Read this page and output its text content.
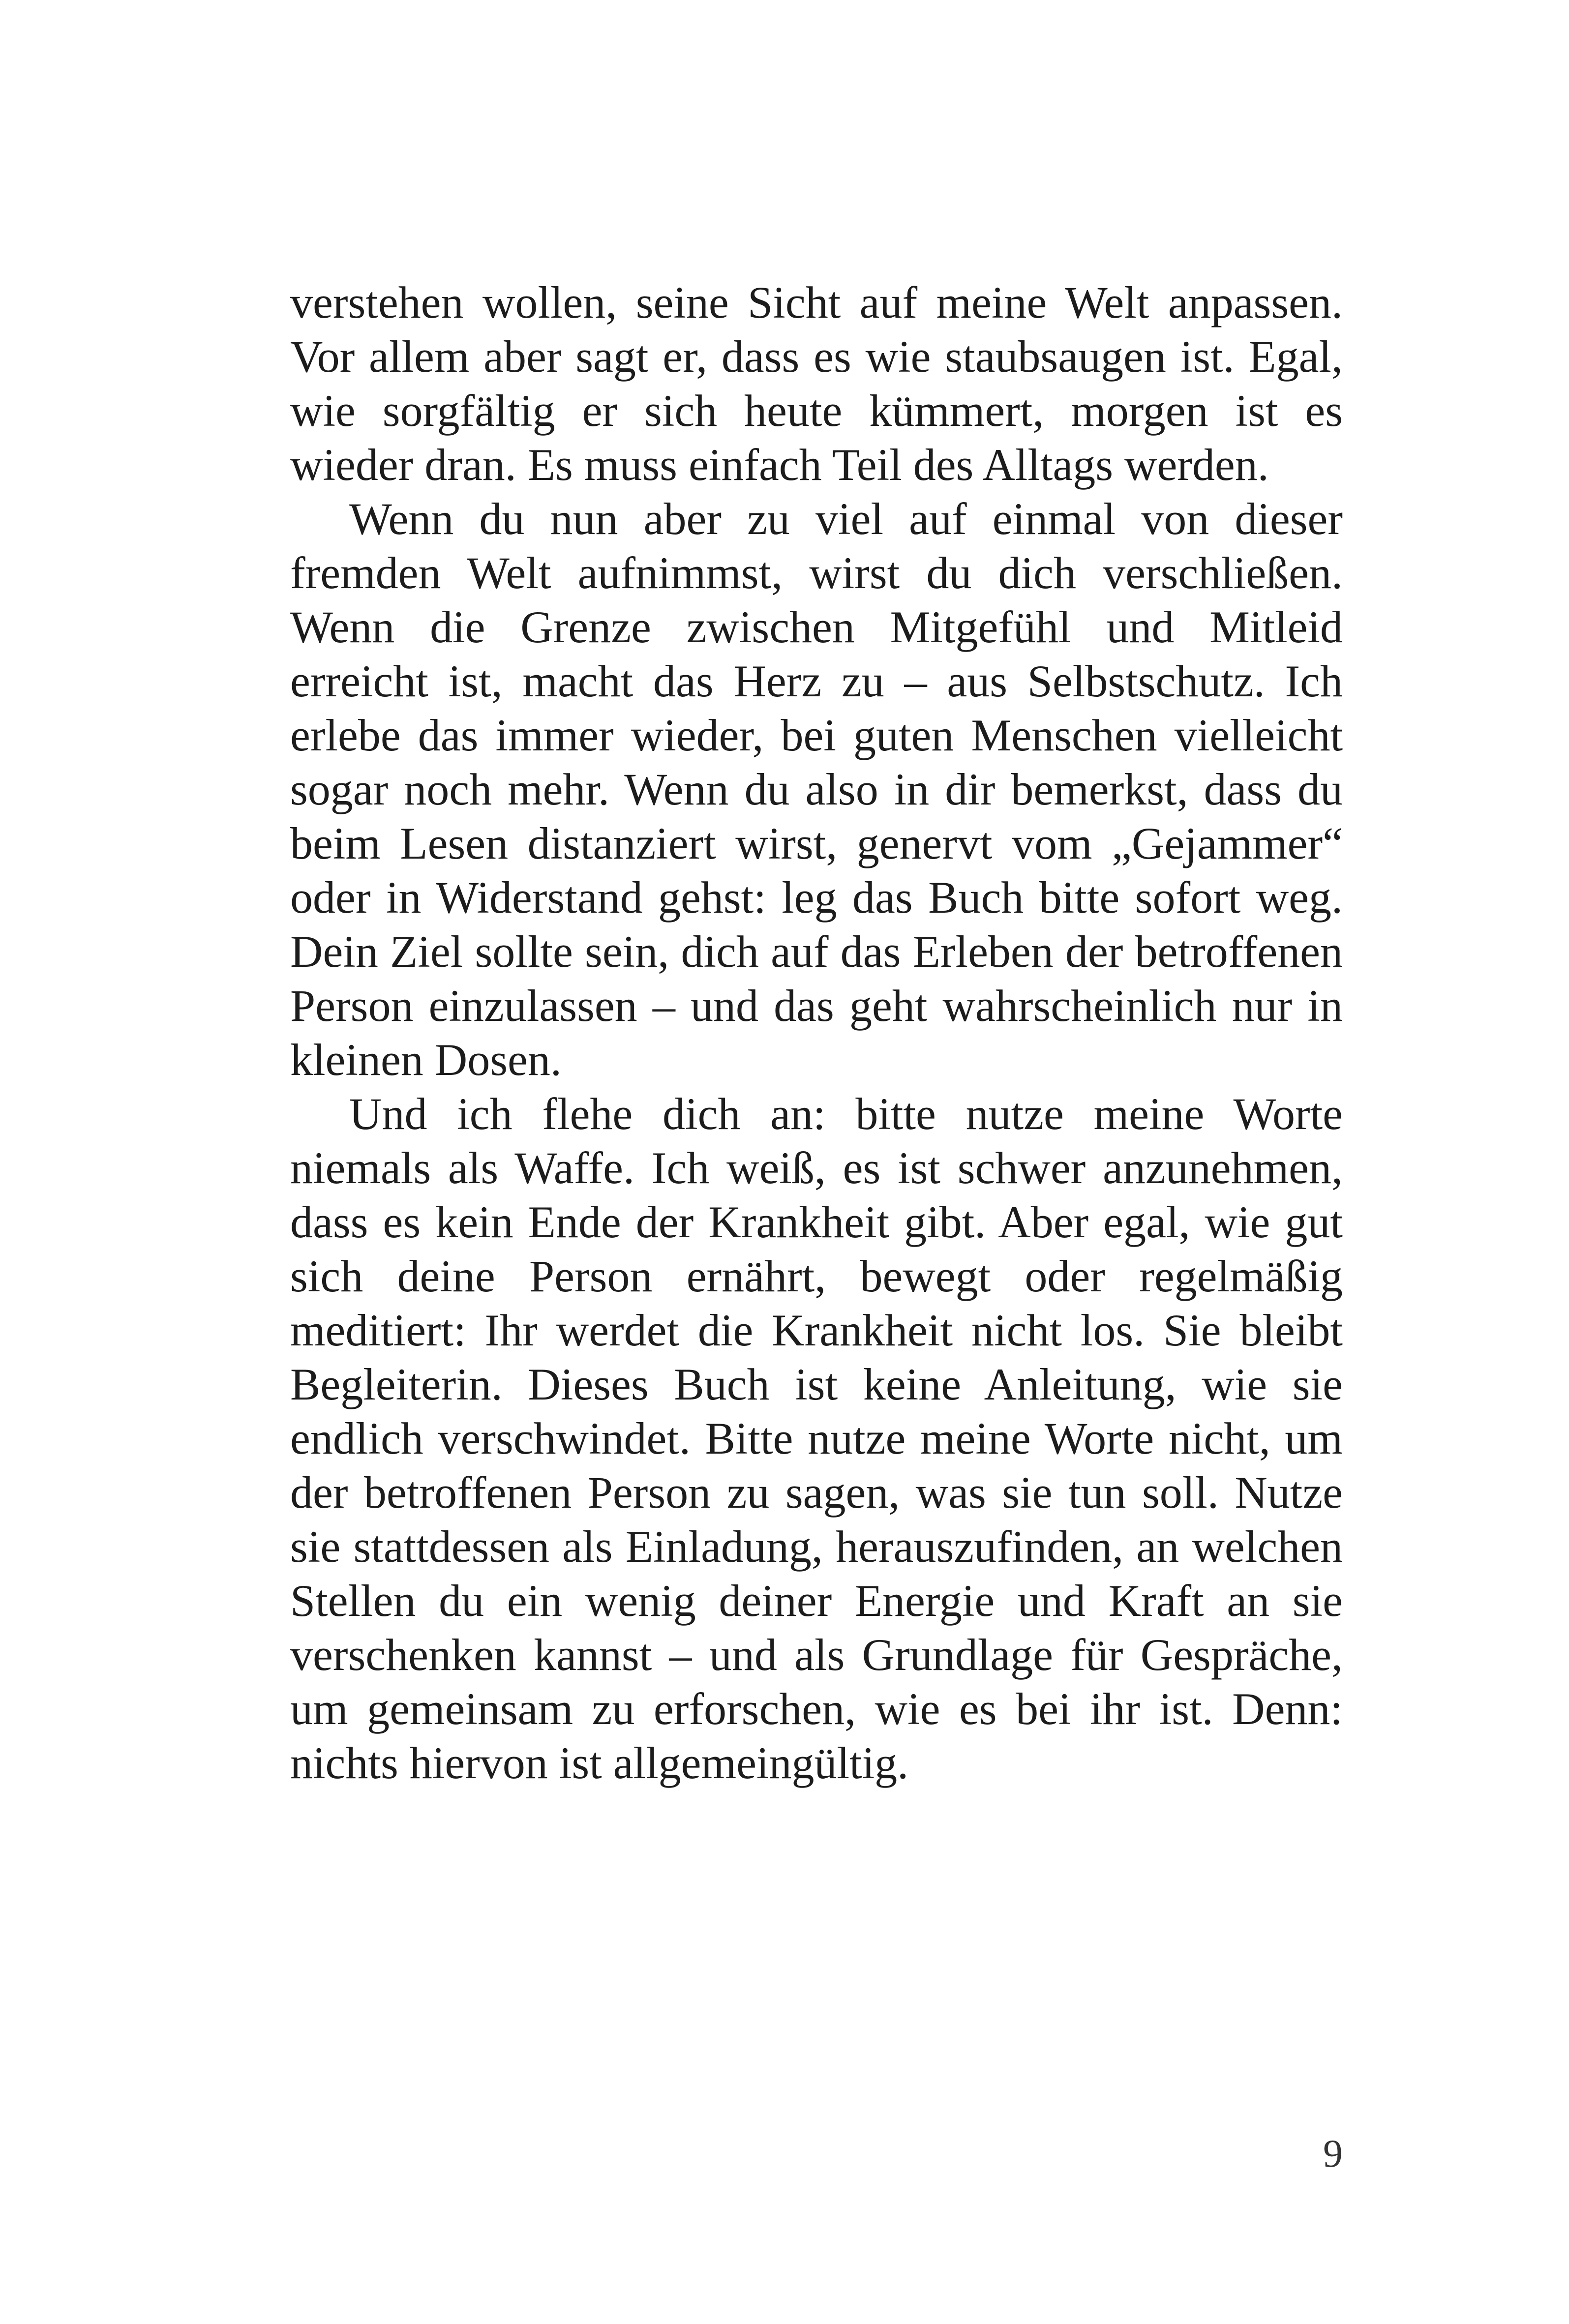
verstehen wollen, seine Sicht auf meine Welt anpassen. Vor allem aber sagt er, dass es wie staubsaugen ist. Egal, wie sorgfältig er sich heute kümmert, morgen ist es wieder dran. Es muss einfach Teil des Alltags werden.

Wenn du nun aber zu viel auf einmal von dieser fremden Welt aufnimmst, wirst du dich verschließen. Wenn die Grenze zwischen Mitgefühl und Mitleid erreicht ist, macht das Herz zu – aus Selbstschutz. Ich erlebe das immer wieder, bei guten Menschen vielleicht sogar noch mehr. Wenn du also in dir bemerkst, dass du beim Lesen distanziert wirst, genervt vom „Gejammer“ oder in Widerstand gehst: leg das Buch bitte sofort weg. Dein Ziel sollte sein, dich auf das Erleben der betroffenen Person einzulassen – und das geht wahrscheinlich nur in kleinen Dosen.

Und ich flehe dich an: bitte nutze meine Worte niemals als Waffe. Ich weiß, es ist schwer anzunehmen, dass es kein Ende der Krankheit gibt. Aber egal, wie gut sich deine Person ernährt, bewegt oder regelmäßig meditiert: Ihr werdet die Krankheit nicht los. Sie bleibt Begleiterin. Dieses Buch ist keine Anleitung, wie sie endlich verschwindet. Bitte nutze meine Worte nicht, um der betroffenen Person zu sagen, was sie tun soll. Nutze sie stattdessen als Einladung, herauszufinden, an welchen Stellen du ein wenig deiner Energie und Kraft an sie verschenken kannst – und als Grundlage für Gespräche, um gemeinsam zu erforschen, wie es bei ihr ist. Denn: nichts hiervon ist allgemeingültig.

9
